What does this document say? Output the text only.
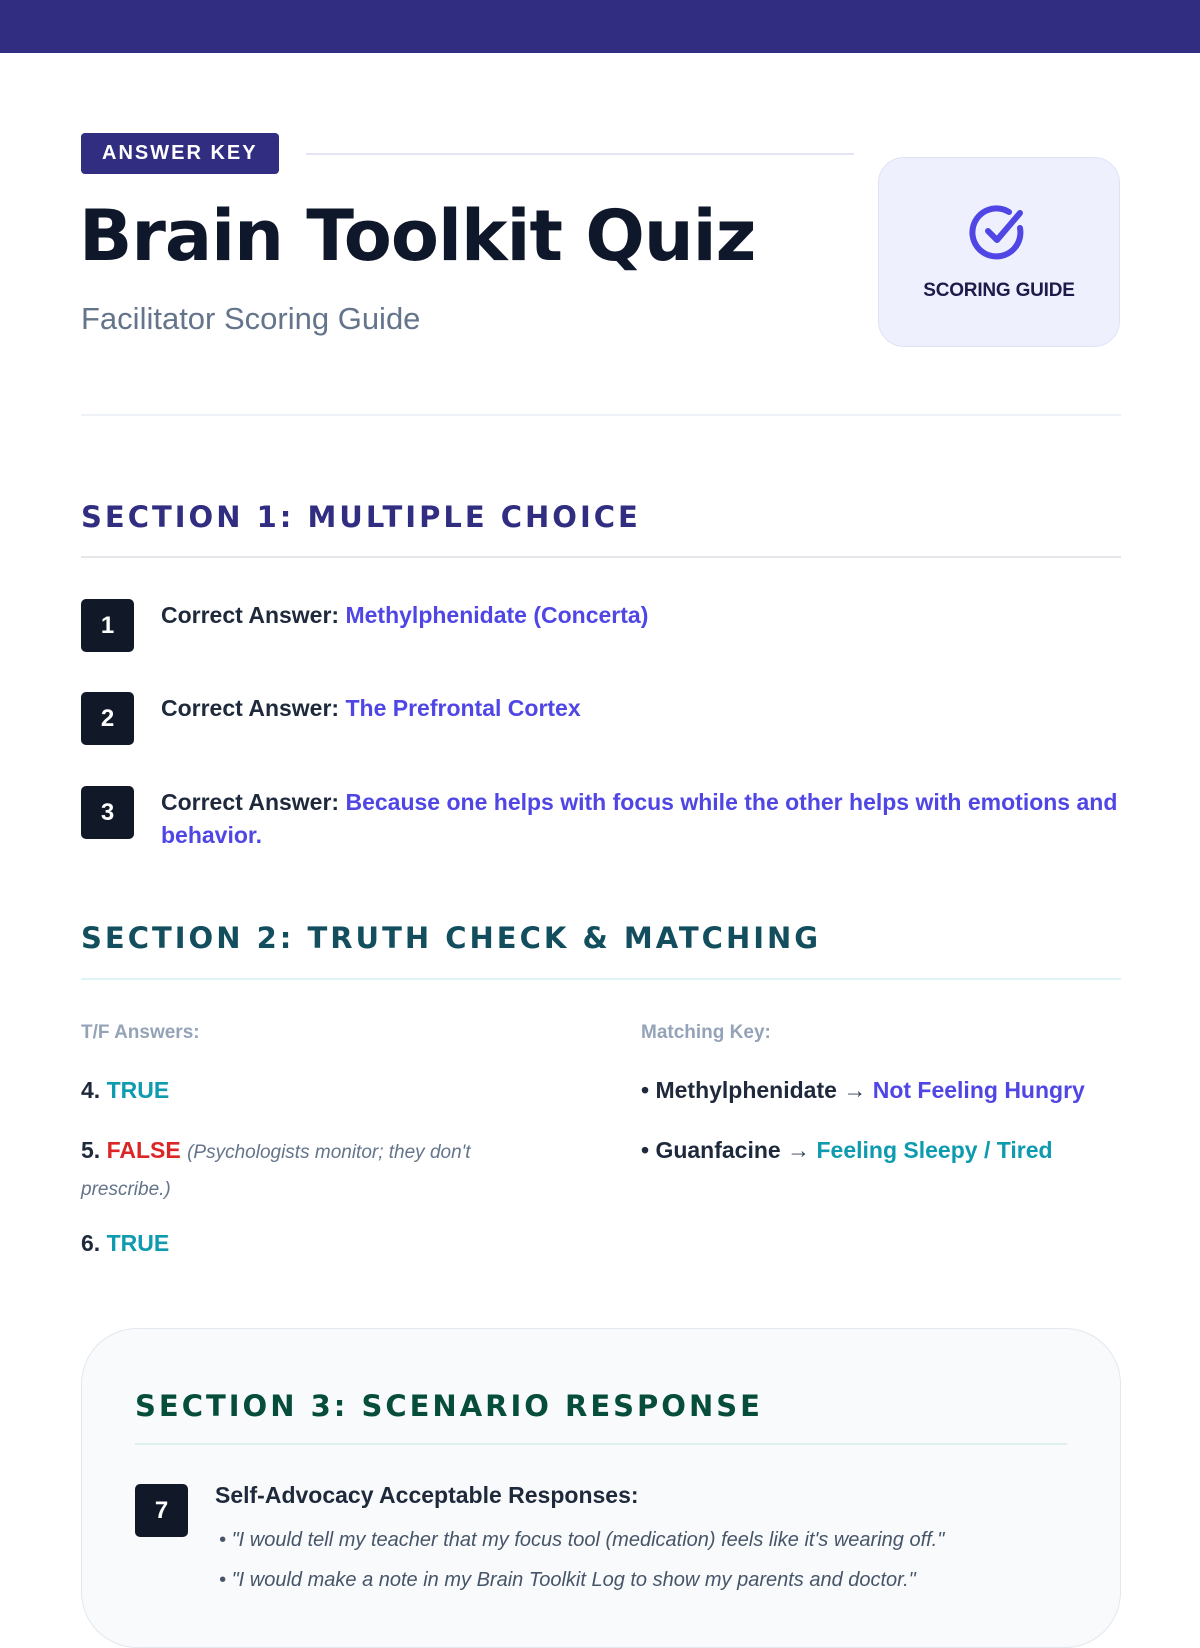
ANSWER KEY
Brain Toolkit Quiz
Facilitator Scoring Guide
SCORING GUIDE
SECTION 1: MULTIPLE CHOICE
1	Correct Answer: Methylphenidate (Concerta)
2	Correct Answer: The Prefrontal Cortex
3	Correct Answer: Because one helps with focus while the other helps with emotions and behavior.
SECTION 2: TRUTH CHECK & MATCHING
T/F Answers:	Matching Key:
4. TRUE
5. FALSE (Psychologists monitor; they don't prescribe.)
6. TRUE
• Methylphenidate → Not Feeling Hungry
• Guanfacine → Feeling Sleepy / Tired
SECTION 3: SCENARIO RESPONSE
7
Self-Advocacy Acceptable Responses:
• "I would tell my teacher that my focus tool (medication) feels like it's wearing off."
• "I would make a note in my Brain Toolkit Log to show my parents and doctor."
